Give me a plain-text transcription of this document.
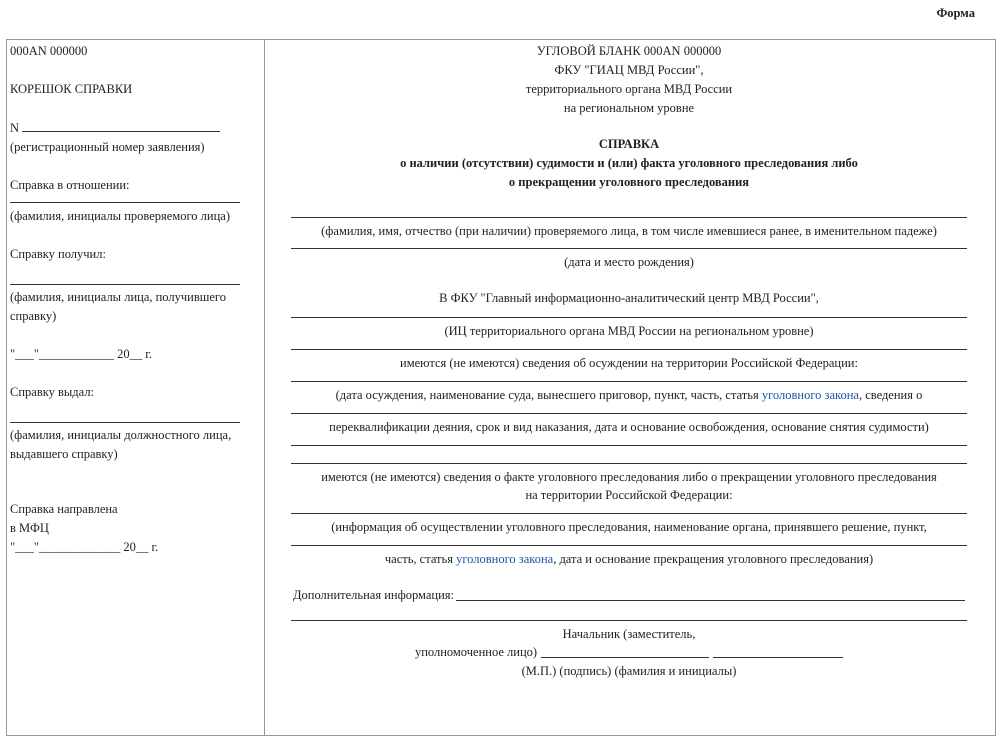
Форма
000AN 000000
КОРЕШОК СПРАВКИ
N
(регистрационный номер заявления)
Справка в отношении:
(фамилия, инициалы проверяемого лица)
Справку получил:
(фамилия, инициалы лица, получившего
справку)
"___"____________ 20__ г.
Справку выдал:
(фамилия, инициалы должностного лица,
выдавшего справку)
Справка направлена
в МФЦ
"___"_____________ 20__ г.
УГЛОВОЙ БЛАНК 000AN 000000
ФКУ "ГИАЦ МВД России",
территориального органа МВД России
на региональном уровне
СПРАВКА
о наличии (отсутствии) судимости и (или) факта уголовного преследования либо
о прекращении уголовного преследования
(фамилия, имя, отчество (при наличии) проверяемого лица, в том числе имевшиеся ранее, в именительном падеже)
(дата и место рождения)
В ФКУ "Главный информационно-аналитический центр МВД России",
(ИЦ территориального органа МВД России на региональном уровне)
имеются (не имеются) сведения об осуждении на территории Российской Федерации:
(дата осуждения, наименование суда, вынесшего приговор, пункт, часть, статья уголовного закона, сведения о
переквалификации деяния, срок и вид наказания, дата и основание освобождения, основание снятия судимости)
имеются (не имеются) сведения о факте уголовного преследования либо о прекращении уголовного преследования
на территории Российской Федерации:
(информация об осуществлении уголовного преследования, наименование органа, принявшего решение, пункт,
часть, статья уголовного закона, дата и основание прекращения уголовного преследования)
Дополнительная информация:
Начальник (заместитель,
уполномоченное лицо)
(М.П.) (подпись) (фамилия и инициалы)
